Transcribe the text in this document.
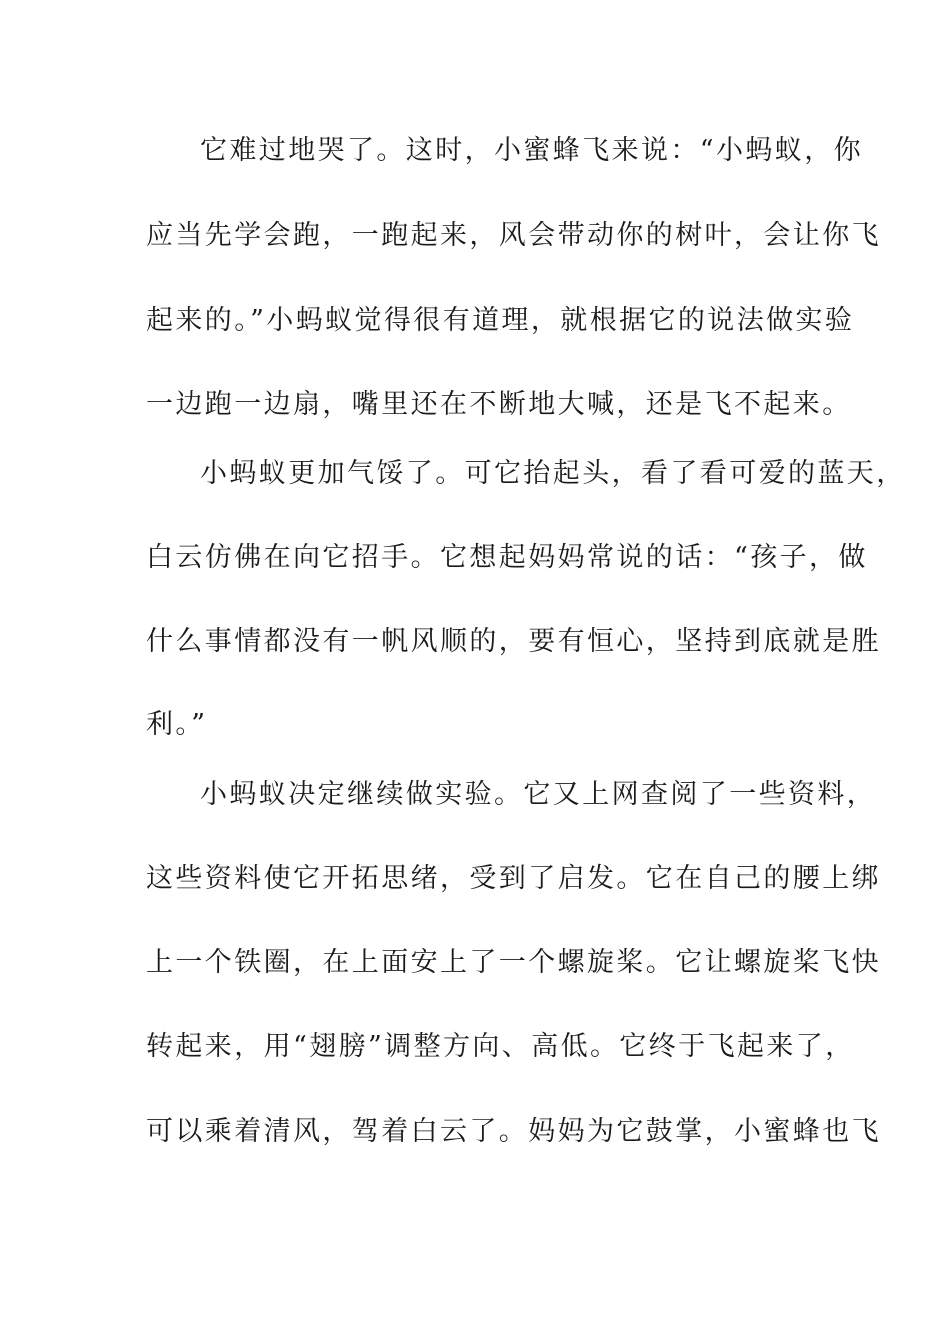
它难过地哭了。这时，小蜜蜂飞来说：“小蚂蚁，你
应当先学会跑，一跑起来，风会带动你的树叶，会让你飞
起来的。”小蚂蚁觉得很有道理，就根据它的说法做实验
一边跑一边扇，嘴里还在不断地大喊，还是飞不起来。
小蚂蚁更加气馁了。可它抬起头，看了看可爱的蓝天，
白云仿佛在向它招手。它想起妈妈常说的话：“孩子，做
什么事情都没有一帆风顺的，要有恒心，坚持到底就是胜
利。”
小蚂蚁决定继续做实验。它又上网查阅了一些资料，
这些资料使它开拓思绪，受到了启发。它在自己的腰上绑
上一个铁圈，在上面安上了一个螺旋桨。它让螺旋桨飞快
转起来，用“翅膀”调整方向、高低。它终于飞起来了，
可以乘着清风，驾着白云了。妈妈为它鼓掌，小蜜蜂也飞
